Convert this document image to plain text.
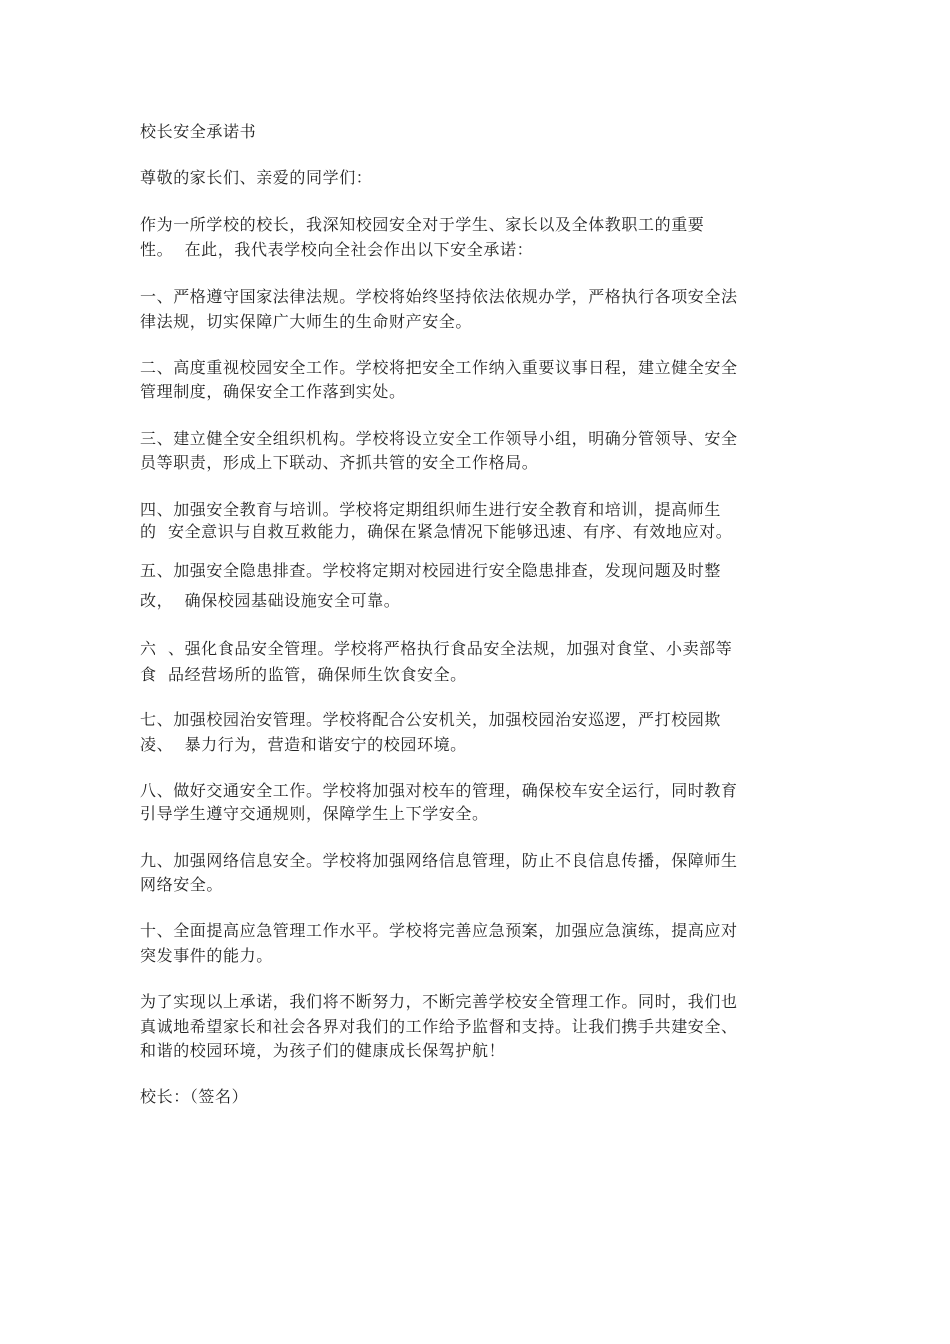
校长安全承诺书
尊敬的家长们、亲爱的同学们：
作为一所学校的校长，我深知校园安全对于学生、家长以及全体教职工的重要
性。  在此，我代表学校向全社会作出以下安全承诺：
一、严格遵守国家法律法规。学校将始终坚持依法依规办学，严格执行各项安全法
律法规，切实保障广大师生的生命财产安全。
二、高度重视校园安全工作。学校将把安全工作纳入重要议事日程，建立健全安全
管理制度，确保安全工作落到实处。
三、建立健全安全组织机构。学校将设立安全工作领导小组，明确分管领导、安全
员等职责，形成上下联动、齐抓共管的安全工作格局。
四、加强安全教育与培训。学校将定期组织师生进行安全教育和培训，提高师生
的  安全意识与自救互救能力，确保在紧急情况下能够迅速、有序、有效地应对。
五、加强安全隐患排查。学校将定期对校园进行安全隐患排查，发现问题及时整
改，  确保校园基础设施安全可靠。
六  、强化食品安全管理。学校将严格执行食品安全法规，加强对食堂、小卖部等
食  品经营场所的监管，确保师生饮食安全。
七、加强校园治安管理。学校将配合公安机关，加强校园治安巡逻，严打校园欺
凌、  暴力行为，营造和谐安宁的校园环境。
八、做好交通安全工作。学校将加强对校车的管理，确保校车安全运行，同时教育
引导学生遵守交通规则，保障学生上下学安全。
九、加强网络信息安全。学校将加强网络信息管理，防止不良信息传播，保障师生
网络安全。
十、全面提高应急管理工作水平。学校将完善应急预案，加强应急演练，提高应对
突发事件的能力。
为了实现以上承诺，我们将不断努力，不断完善学校安全管理工作。同时，我们也
真诚地希望家长和社会各界对我们的工作给予监督和支持。让我们携手共建安全、
和谐的校园环境，为孩子们的健康成长保驾护航！
校长：（签名）
